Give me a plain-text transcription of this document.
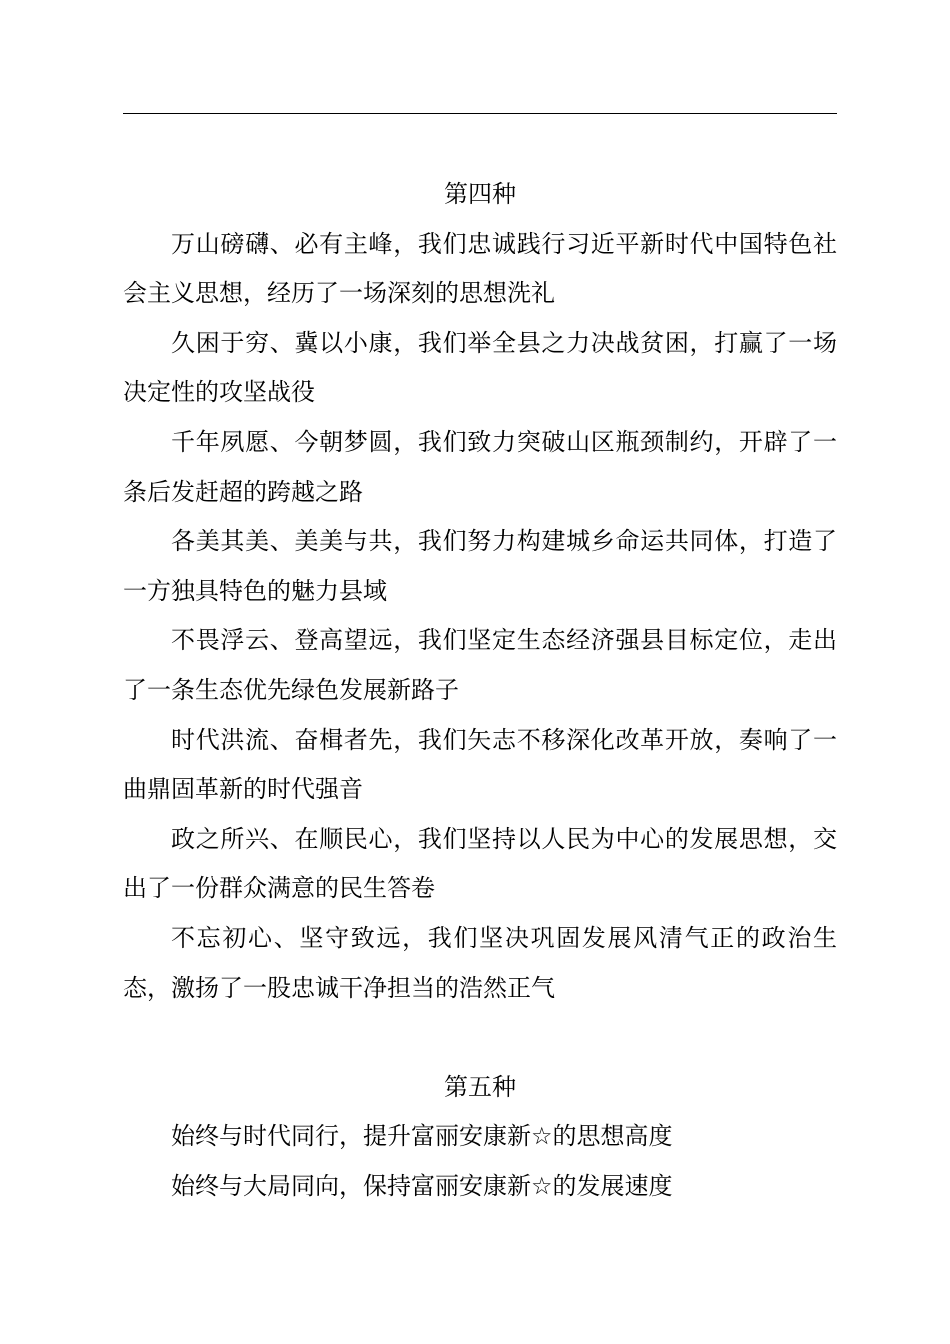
第四种

万山磅礴、必有主峰，我们忠诚践行习近平新时代中国特色社会主义思想，经历了一场深刻的思想洗礼

久困于穷、冀以小康，我们举全县之力决战贫困，打赢了一场决定性的攻坚战役

千年夙愿、今朝梦圆，我们致力突破山区瓶颈制约，开辟了一条后发赶超的跨越之路

各美其美、美美与共，我们努力构建城乡命运共同体，打造了一方独具特色的魅力县域

不畏浮云、登高望远，我们坚定生态经济强县目标定位，走出了一条生态优先绿色发展新路子

时代洪流、奋楫者先，我们矢志不移深化改革开放，奏响了一曲鼎固革新的时代强音

政之所兴、在顺民心，我们坚持以人民为中心的发展思想，交出了一份群众满意的民生答卷

不忘初心、坚守致远，我们坚决巩固发展风清气正的政治生态，激扬了一股忠诚干净担当的浩然正气

第五种

始终与时代同行，提升富丽安康新☆的思想高度

始终与大局同向，保持富丽安康新☆的发展速度
